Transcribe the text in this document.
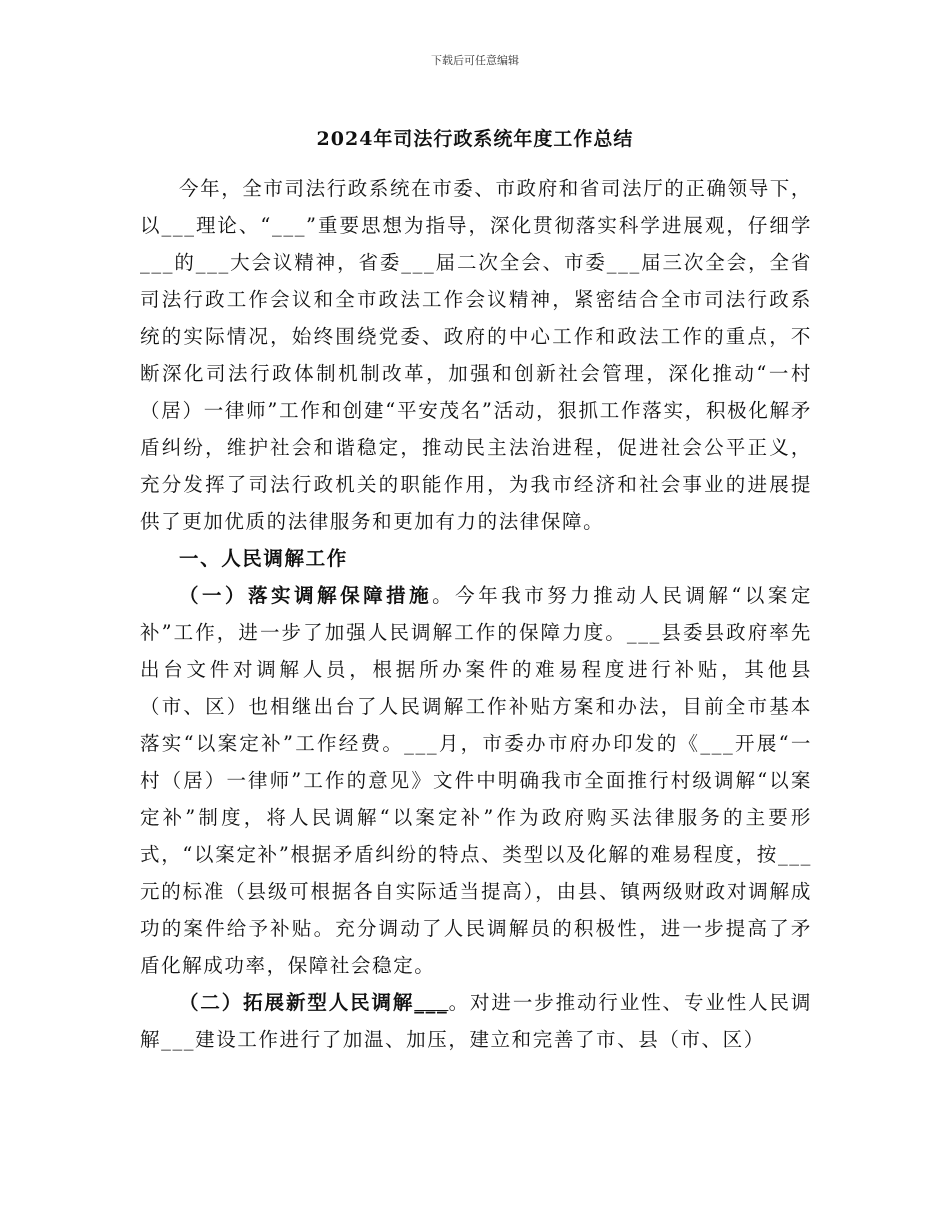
下载后可任意编辑
2024年司法行政系统年度工作总结

今年，全市司法行政系统在市委、市政府和省司法厅的正确领导下，以___理论、“___”重要思想为指导，深化贯彻落实科学进展观，仔细学___的___大会议精神，省委___届二次全会、市委___届三次全会，全省司法行政工作会议和全市政法工作会议精神，紧密结合全市司法行政系统的实际情况，始终围绕党委、政府的中心工作和政法工作的重点，不断深化司法行政体制机制改革，加强和创新社会管理，深化推动“一村（居）一律师”工作和创建“平安茂名”活动，狠抓工作落实，积极化解矛盾纠纷，维护社会和谐稳定，推动民主法治进程，促进社会公平正义，充分发挥了司法行政机关的职能作用，为我市经济和社会事业的进展提供了更加优质的法律服务和更加有力的法律保障。

一、人民调解工作

（一）落实调解保障措施。今年我市努力推动人民调解“以案定补”工作，进一步了加强人民调解工作的保障力度。___县委县政府率先出台文件对调解人员，根据所办案件的难易程度进行补贴，其他县（市、区）也相继出台了人民调解工作补贴方案和办法，目前全市基本落实“以案定补”工作经费。___月，市委办市府办印发的《___开展“一村（居）一律师”工作的意见》文件中明确我市全面推行村级调解“以案定补”制度，将人民调解“以案定补”作为政府购买法律服务的主要形式，“以案定补”根据矛盾纠纷的特点、类型以及化解的难易程度，按___元的标准（县级可根据各自实际适当提高），由县、镇两级财政对调解成功的案件给予补贴。充分调动了人民调解员的积极性，进一步提高了矛盾化解成功率，保障社会稳定。

（二）拓展新型人民调解___。对进一步推动行业性、专业性人民调解___建设工作进行了加温、加压，建立和完善了市、县（市、区）
